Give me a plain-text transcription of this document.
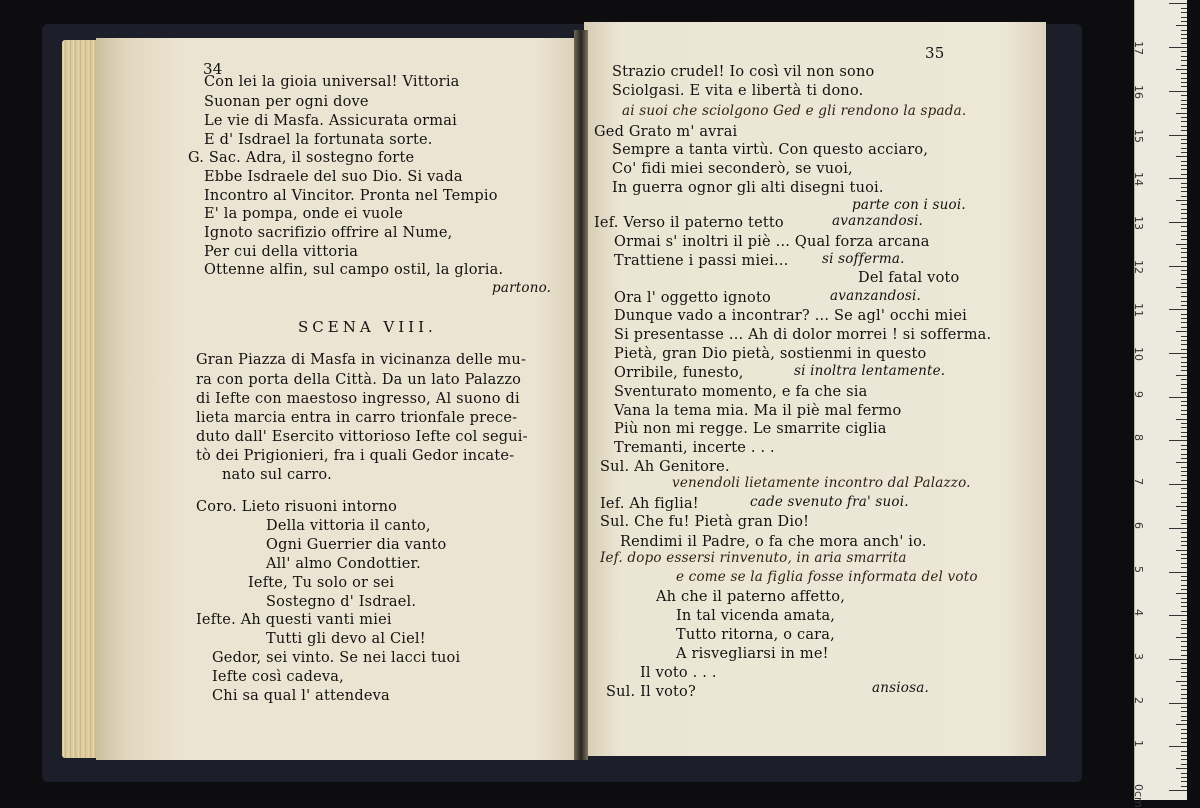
34
Con lei la gioia universal! Vittoria
Suonan per ogni dove
Le vie di Masfa. Assicurata ormai
E d' Isdrael la fortunata sorte.
G. Sac. Adra, il sostegno forte
Ebbe Isdraele del suo Dio. Si vada
Incontro al Vincitor. Pronta nel Tempio
E' la pompa, onde ei vuole
Ignoto sacrifizio offrire al Nume,
Per cui della vittoria
Ottenne alfin, sul campo ostil, la gloria.
partono.
SCENA VIII.
Gran Piazza di Masfa in vicinanza delle mu-
ra con porta della Città. Da un lato Palazzo
di Iefte con maestoso ingresso, Al suono di
lieta marcia entra in carro trionfale prece-
duto dall' Esercito vittorioso Iefte col segui-
tò dei Prigionieri, fra i quali Gedor incate-
nato sul carro.
Coro. Lieto risuoni intorno
Della vittoria il canto,
Ogni Guerrier dia vanto
All' almo Condottier.
Iefte, Tu solo or sei
Sostegno d' Isdrael.
Iefte. Ah questi vanti miei
Tutti gli devo al Ciel!
Gedor, sei vinto. Se nei lacci tuoi
Iefte così cadeva,
Chi sa qual l' attendeva
35
Strazio crudel! Io così vil non sono
Sciolgasi. E vita e libertà ti dono.
ai suoi che sciolgono Ged e gli rendono la spada.
Ged Grato m' avrai
Sempre a tanta virtù. Con questo acciaro,
Co' fidi miei seconderò, se vuoi,
In guerra ognor gli alti disegni tuoi.
parte con i suoi.
Ief. Verso il paterno tetto	avanzandosi.
Ormai s' inoltri il piè ... Qual forza arcana
Trattiene i passi miei... si sofferma.
Del fatal voto
Ora l' oggetto ignoto	avanzandosi.
Dunque vado a incontrar? ... Se agl' occhi miei
Si presentasse ... Ah di dolor morrei ! si sofferma.
Pietà, gran Dio pietà, sostienmi in questo
Orribile, funesto,	si inoltra lentamente.
Sventurato momento, e fa che sia
Vana la tema mia. Ma il piè mal fermo
Più non mi regge. Le smarrite ciglia
Tremanti, incerte . . .
Sul. Ah Genitore.
venendoli lietamente incontro dal Palazzo.
Ief. Ah figlia!	cade svenuto fra' suoi.
Sul. Che fu! Pietà gran Dio!
Rendimi il Padre, o fa che mora anch' io.
Ief. dopo essersi rinvenuto, in aria smarrita
e come se la figlia fosse informata del voto
Ah che il paterno affetto,
In tal vicenda amata,
Tutto ritorna, o cara,
A risvegliarsi in me!
Il voto . . .
Sul. Il voto?	ansiosa.
0cm
1
2
3
4
5
6
7
8
9
10
11
12
13
14
15
16
17
